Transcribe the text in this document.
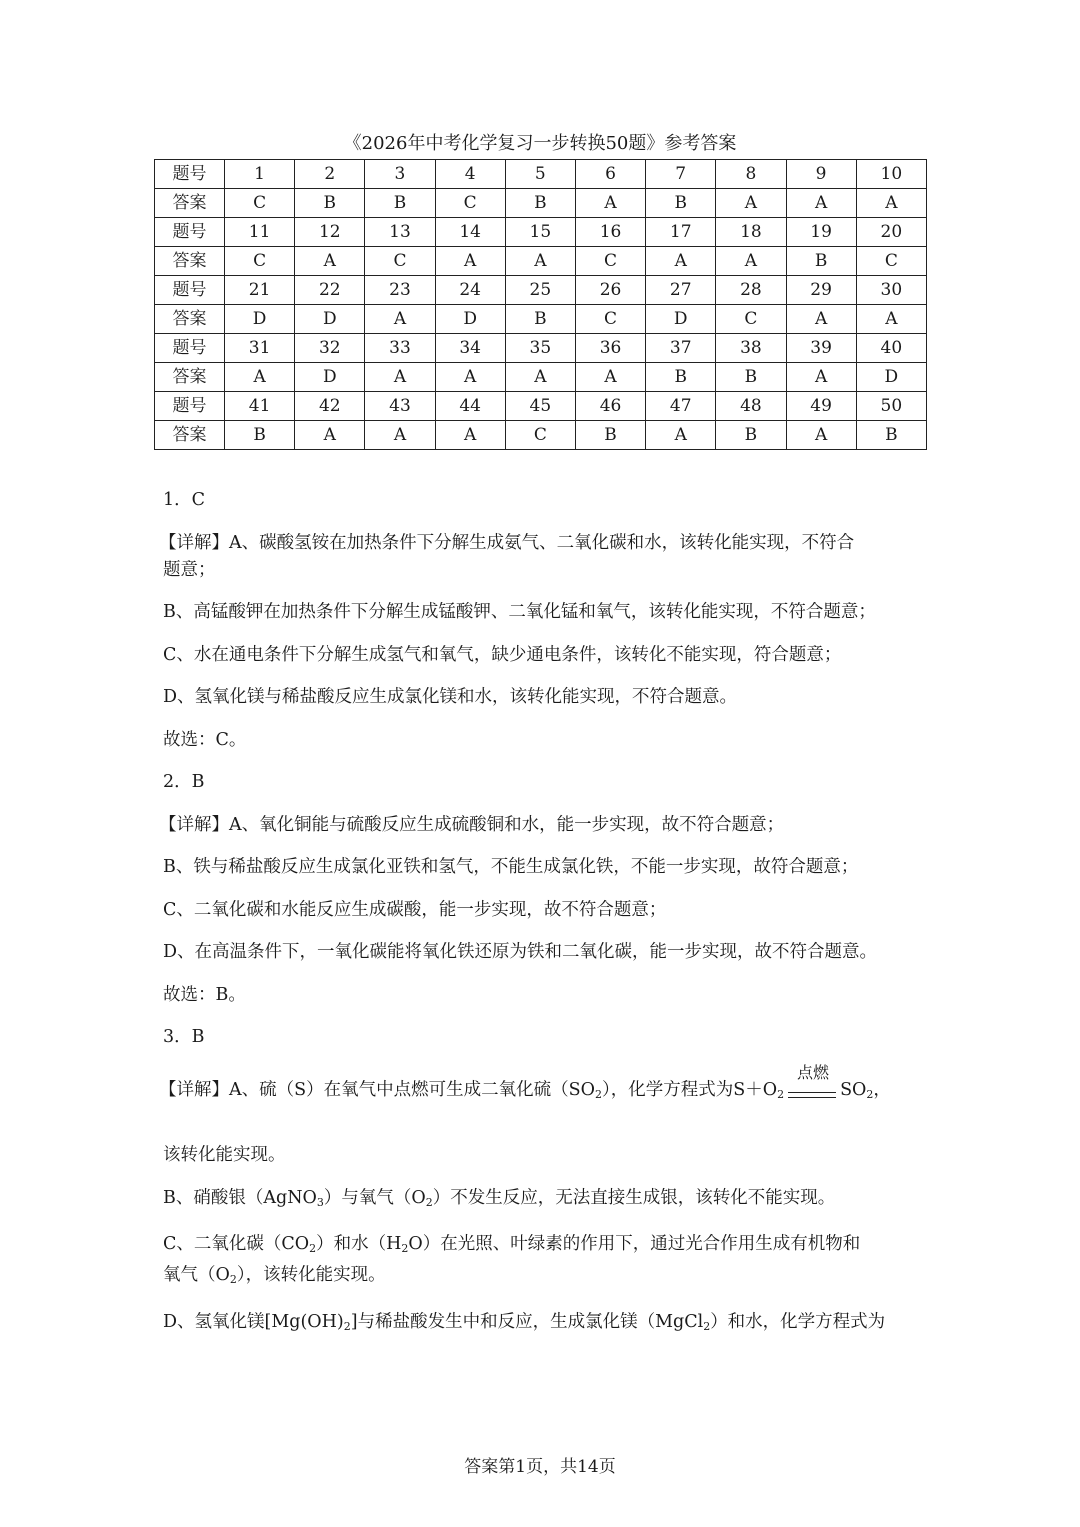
《2026年中考化学复习一步转换50题》参考答案
题号	1	2	3	4	5	6	7	8	9	10
答案	C	B	B	C	B	A	B	A	A	A
题号	11	12	13	14	15	16	17	18	19	20
答案	C	A	C	A	A	C	A	A	B	C
题号	21	22	23	24	25	26	27	28	29	30
答案	D	D	A	D	B	C	D	C	A	A
题号	31	32	33	34	35	36	37	38	39	40
答案	A	D	A	A	A	A	B	B	A	D
题号	41	42	43	44	45	46	47	48	49	50
答案	B	A	A	A	C	B	A	B	A	B

1．C

【详解】A、碳酸氢铵在加热条件下分解生成氨气、二氧化碳和水，该转化能实现，不符合

题意；

B、高锰酸钾在加热条件下分解生成锰酸钾、二氧化锰和氧气，该转化能实现，不符合题意；

C、水在通电条件下分解生成氢气和氧气，缺少通电条件，该转化不能实现，符合题意；

D、氢氧化镁与稀盐酸反应生成氯化镁和水，该转化能实现，不符合题意。

故选：C。

2．B

【详解】A、氧化铜能与硫酸反应生成硫酸铜和水，能一步实现，故不符合题意；

B、铁与稀盐酸反应生成氯化亚铁和氢气，不能生成氯化铁，不能一步实现，故符合题意；

C、二氧化碳和水能反应生成碳酸，能一步实现，故不符合题意；

D、在高温条件下，一氧化碳能将氧化铁还原为铁和二氧化碳，能一步实现，故不符合题意。

故选：B。

3．B

【详解】A、硫（S）在氧气中点燃可生成二氧化硫$(SO_2)$，化学方程式为$S+O_2$
点燃
$SO_2$，

该转化能实现。

B、硝酸银（AgNO$_3$）与氧气$(O_2)$不发生反应，无法直接生成银，该转化不能实现。

C、二氧化碳$(CO_2)$和水$(H_2O)$在光照、叶绿素的作用下，通过光合作用生成有机物和

氧气$(O_2)$，该转化能实现。

D、氢氧化镁$[Mg(OH)_2]$与稀盐酸发生中和反应，生成氯化镁（MgCl$_2$）和水，化学方程式为

答案第1页，共14页
